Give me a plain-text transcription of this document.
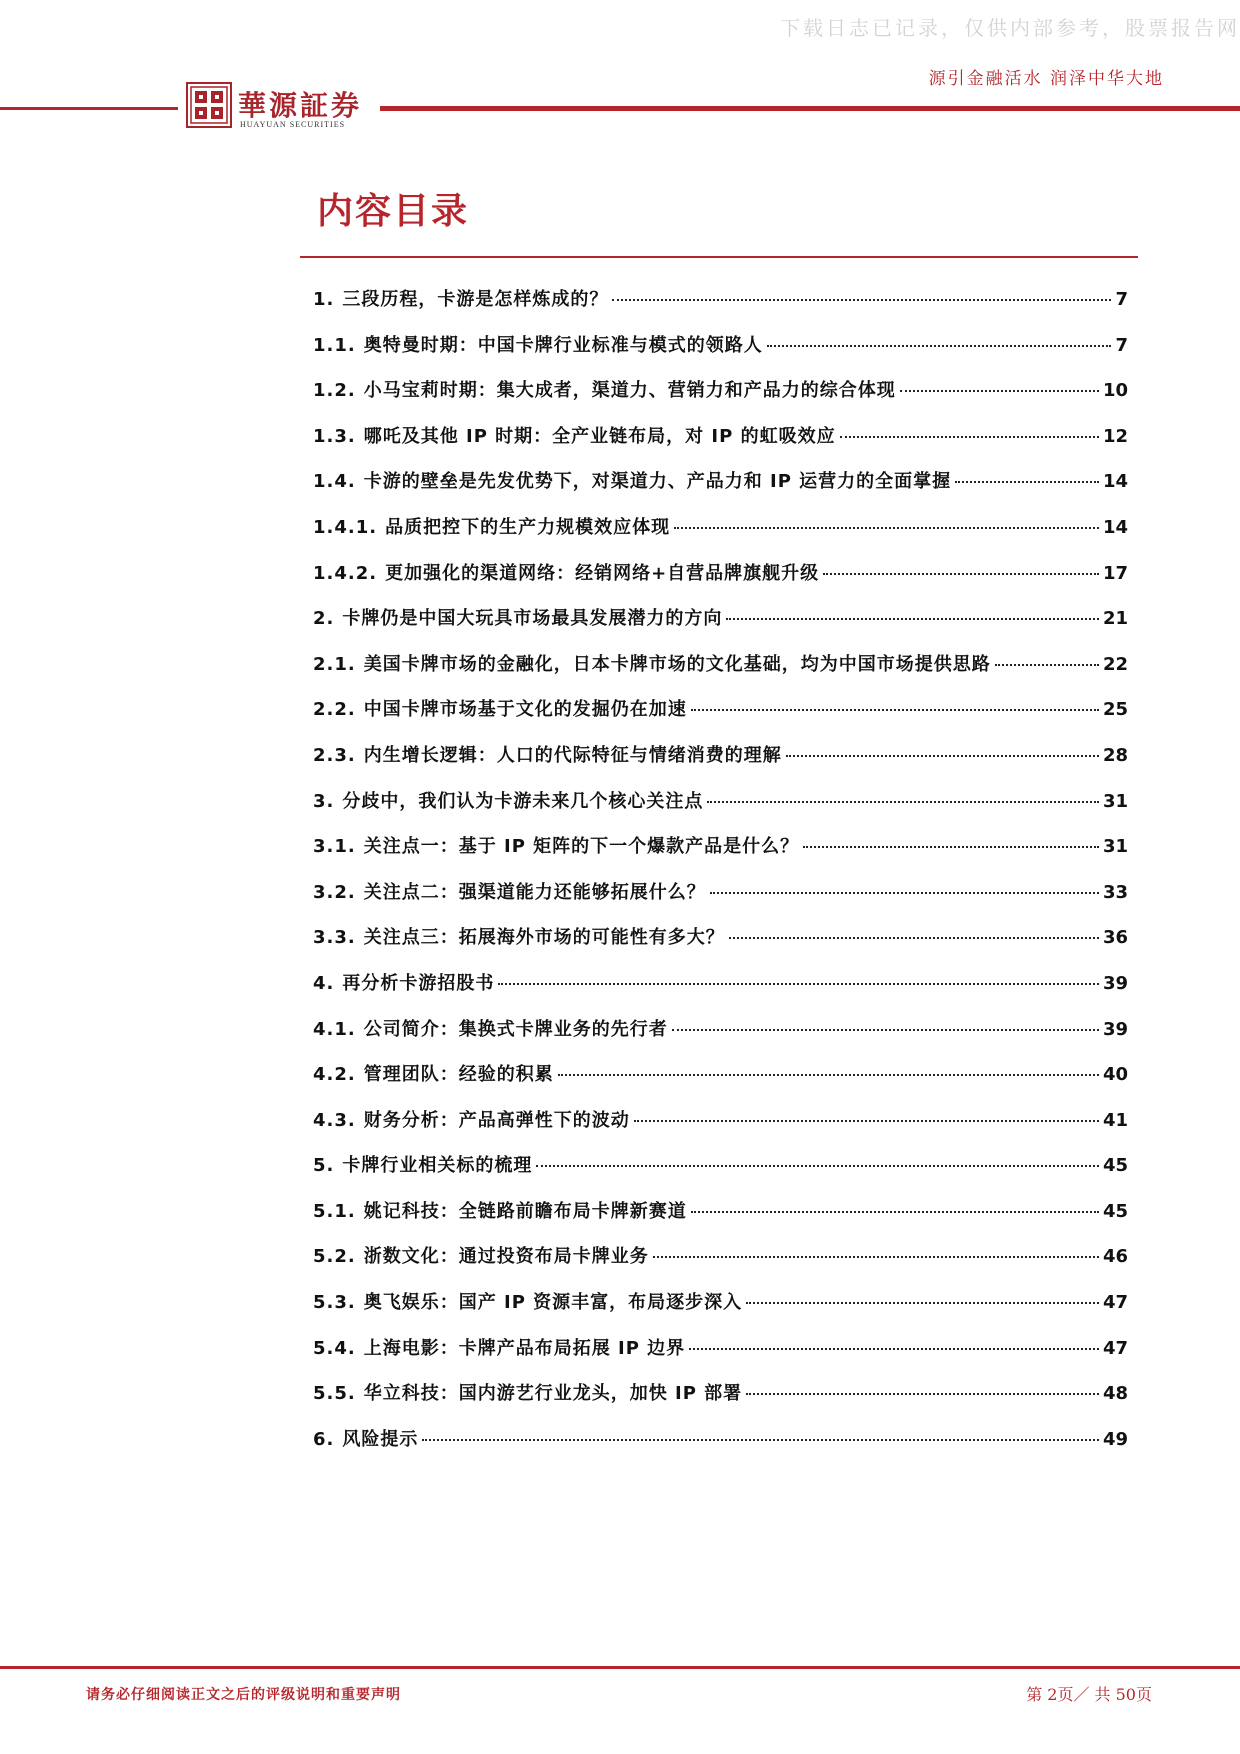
下载日志已记录，仅供内部参考，股票报告网
源引金融活水 润泽中华大地
華源証券
HUAYUAN SECURITIES
内容目录
1. 三段历程，卡游是怎样炼成的？	7
1.1. 奥特曼时期：中国卡牌行业标准与模式的领路人	7
1.2. 小马宝莉时期：集大成者，渠道力、营销力和产品力的综合体现	10
1.3. 哪吒及其他 IP 时期：全产业链布局，对 IP 的虹吸效应	12
1.4. 卡游的壁垒是先发优势下，对渠道力、产品力和 IP 运营力的全面掌握	14
1.4.1. 品质把控下的生产力规模效应体现	14
1.4.2. 更加强化的渠道网络：经销网络+自营品牌旗舰升级	17
2. 卡牌仍是中国大玩具市场最具发展潜力的方向	21
2.1. 美国卡牌市场的金融化，日本卡牌市场的文化基础，均为中国市场提供思路	22
2.2. 中国卡牌市场基于文化的发掘仍在加速	25
2.3. 内生增长逻辑：人口的代际特征与情绪消费的理解	28
3. 分歧中，我们认为卡游未来几个核心关注点	31
3.1. 关注点一：基于 IP 矩阵的下一个爆款产品是什么？	31
3.2. 关注点二：强渠道能力还能够拓展什么？	33
3.3. 关注点三：拓展海外市场的可能性有多大？	36
4. 再分析卡游招股书	39
4.1. 公司简介：集换式卡牌业务的先行者	39
4.2. 管理团队：经验的积累	40
4.3. 财务分析：产品高弹性下的波动	41
5. 卡牌行业相关标的梳理	45
5.1. 姚记科技：全链路前瞻布局卡牌新赛道	45
5.2. 浙数文化：通过投资布局卡牌业务	46
5.3. 奥飞娱乐：国产 IP 资源丰富，布局逐步深入	47
5.4. 上海电影：卡牌产品布局拓展 IP 边界	47
5.5. 华立科技：国内游艺行业龙头，加快 IP 部署	48
6. 风险提示	49
请务必仔细阅读正文之后的评级说明和重要声明	第 2页／ 共 50页
